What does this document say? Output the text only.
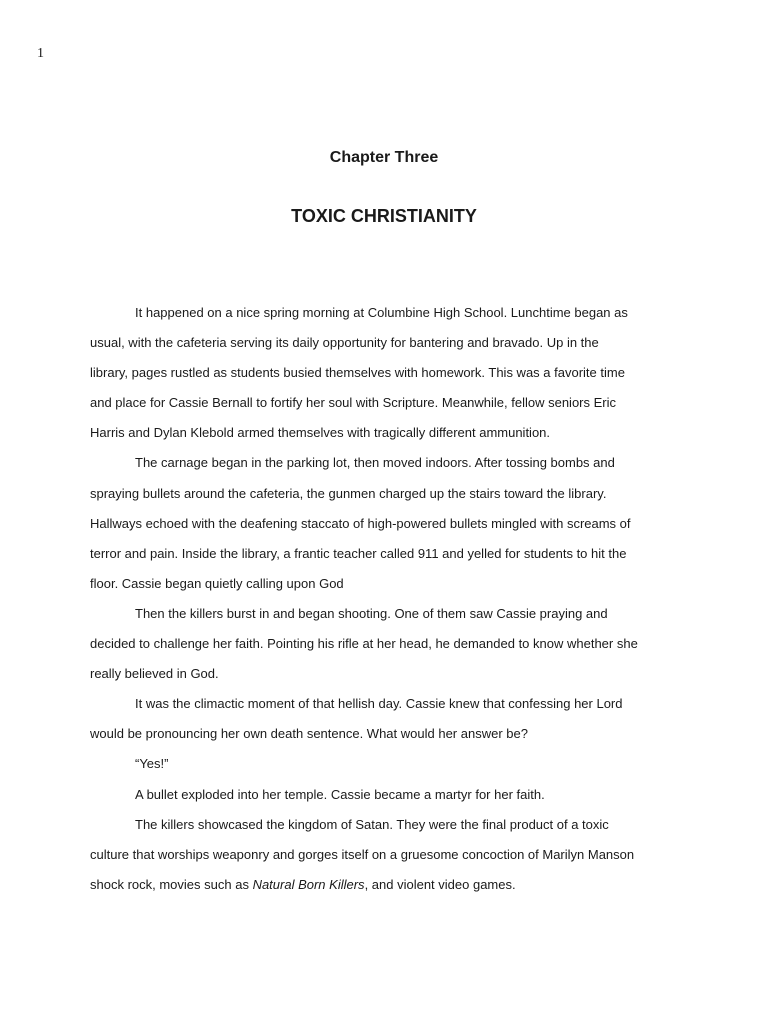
1
Chapter Three
TOXIC CHRISTIANITY

It happened on a nice spring morning at Columbine High School. Lunchtime began as
usual, with the cafeteria serving its daily opportunity for bantering and bravado. Up in the
library, pages rustled as students busied themselves with homework. This was a favorite time
and place for Cassie Bernall to fortify her soul with Scripture. Meanwhile, fellow seniors Eric
Harris and Dylan Klebold armed themselves with tragically different ammunition.

The carnage began in the parking lot, then moved indoors. After tossing bombs and
spraying bullets around the cafeteria, the gunmen charged up the stairs toward the library.
Hallways echoed with the deafening staccato of high-powered bullets mingled with screams of
terror and pain. Inside the library, a frantic teacher called 911 and yelled for students to hit the
floor. Cassie began quietly calling upon God

Then the killers burst in and began shooting. One of them saw Cassie praying and
decided to challenge her faith. Pointing his rifle at her head, he demanded to know whether she
really believed in God.

It was the climactic moment of that hellish day. Cassie knew that confessing her Lord
would be pronouncing her own death sentence. What would her answer be?

“Yes!”

A bullet exploded into her temple. Cassie became a martyr for her faith.

The killers showcased the kingdom of Satan. They were the final product of a toxic
culture that worships weaponry and gorges itself on a gruesome concoction of Marilyn Manson
shock rock, movies such as Natural Born Killers, and violent video games.
